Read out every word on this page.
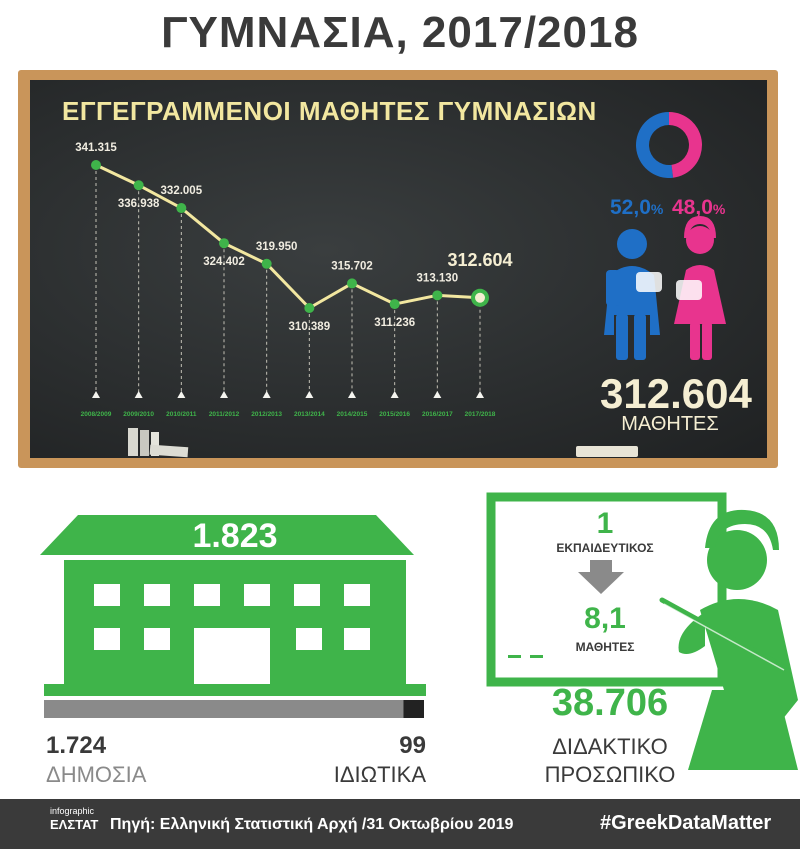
ΓΥΜΝΑΣΙΑ, 2017/2018
ΕΓΓΕΓΡΑΜΜΕΝΟΙ ΜΑΘΗΤΕΣ ΓΥΜΝΑΣΙΩΝ
2008/2009 2009/2010 2010/2011 2011/2012 2012/2013 2013/2014 2014/2015 2015/2016 2016/2017 2017/2018
341.315
336.938
332.005
324.402
319.950
310.389
315.702
311.236
313.130
312.604
52,0% 48,0%
312.604
ΜΑΘΗΤΕΣ
1.823
1.724
ΔΗΜΟΣΙΑ
99
ΙΔΙΩΤΙΚΑ
1
ΕΚΠΑΙΔΕΥΤΙΚΟΣ
8,1
ΜΑΘΗΤΕΣ
38.706
ΔΙΔΑΚΤΙΚΟ
ΠΡΟΣΩΠΙΚΟ
infographic
ΕΛΣΤΑΤ Πηγή: Ελληνική Στατιστική Αρχή /31 Οκτωβρίου 2019	#GreekDataMatter
